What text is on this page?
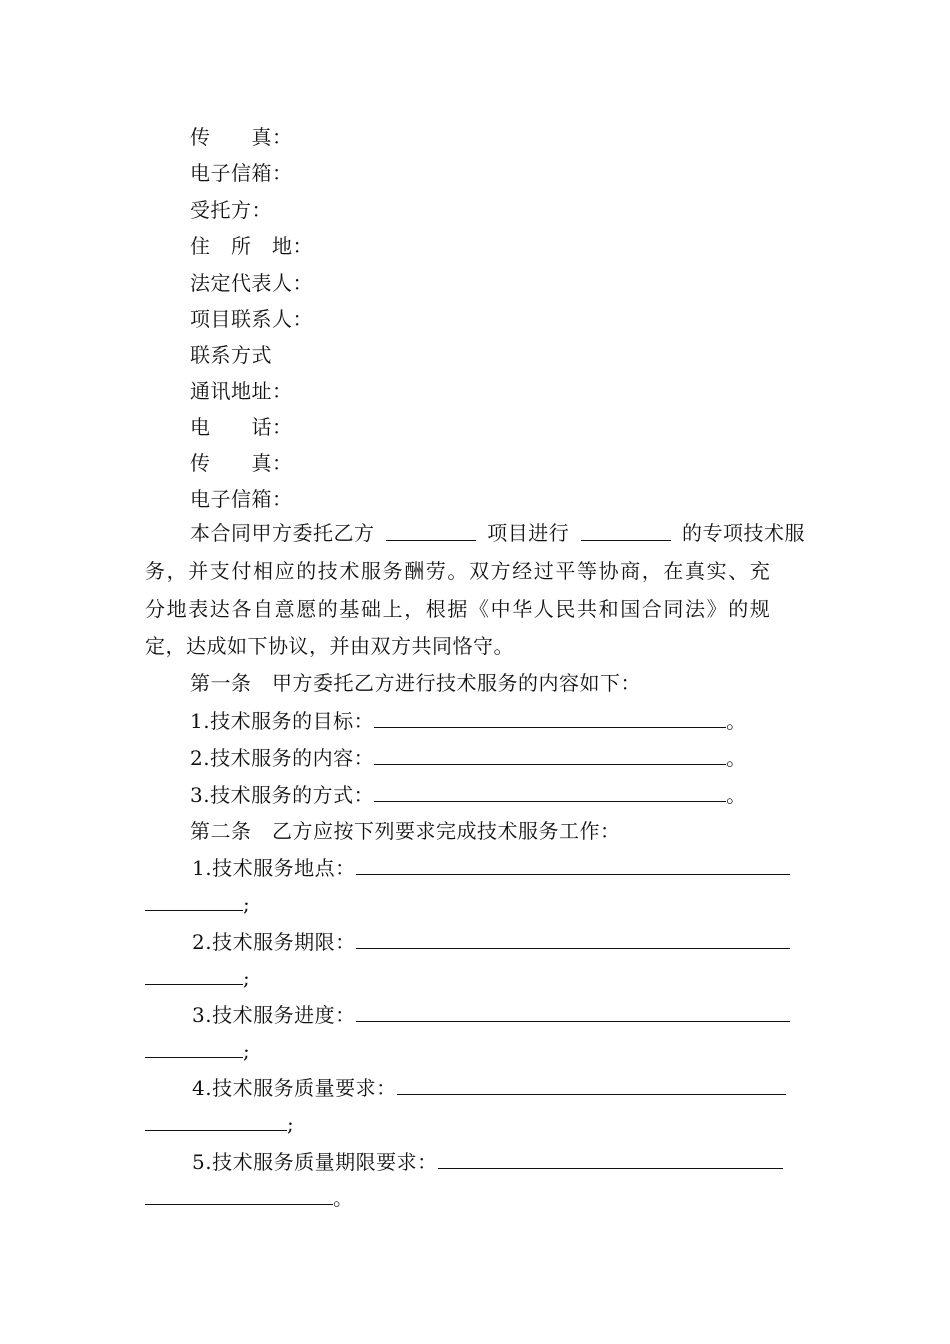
传　　真：
电子信箱：
受托方：
住　所　地：
法定代表人：
项目联系人：
联系方式
通讯地址：
电　　话：
传　　真：
电子信箱：
本合同甲方委托乙方	项目进行	的专项技术服
务，并支付相应的技术服务酬劳。双方经过平等协商，在真实、充
分地表达各自意愿的基础上，根据《中华人民共和国合同法》的规
定，达成如下协议，并由双方共同恪守。
第一条　甲方委托乙方进行技术服务的内容如下：
1.技术服务的目标：	。
2.技术服务的内容：	。
3.技术服务的方式：	。
第二条　乙方应按下列要求完成技术服务工作：
1.技术服务地点：
;
2.技术服务期限：
;
3.技术服务进度：
;
4.技术服务质量要求：
;
5.技术服务质量期限要求：
。
